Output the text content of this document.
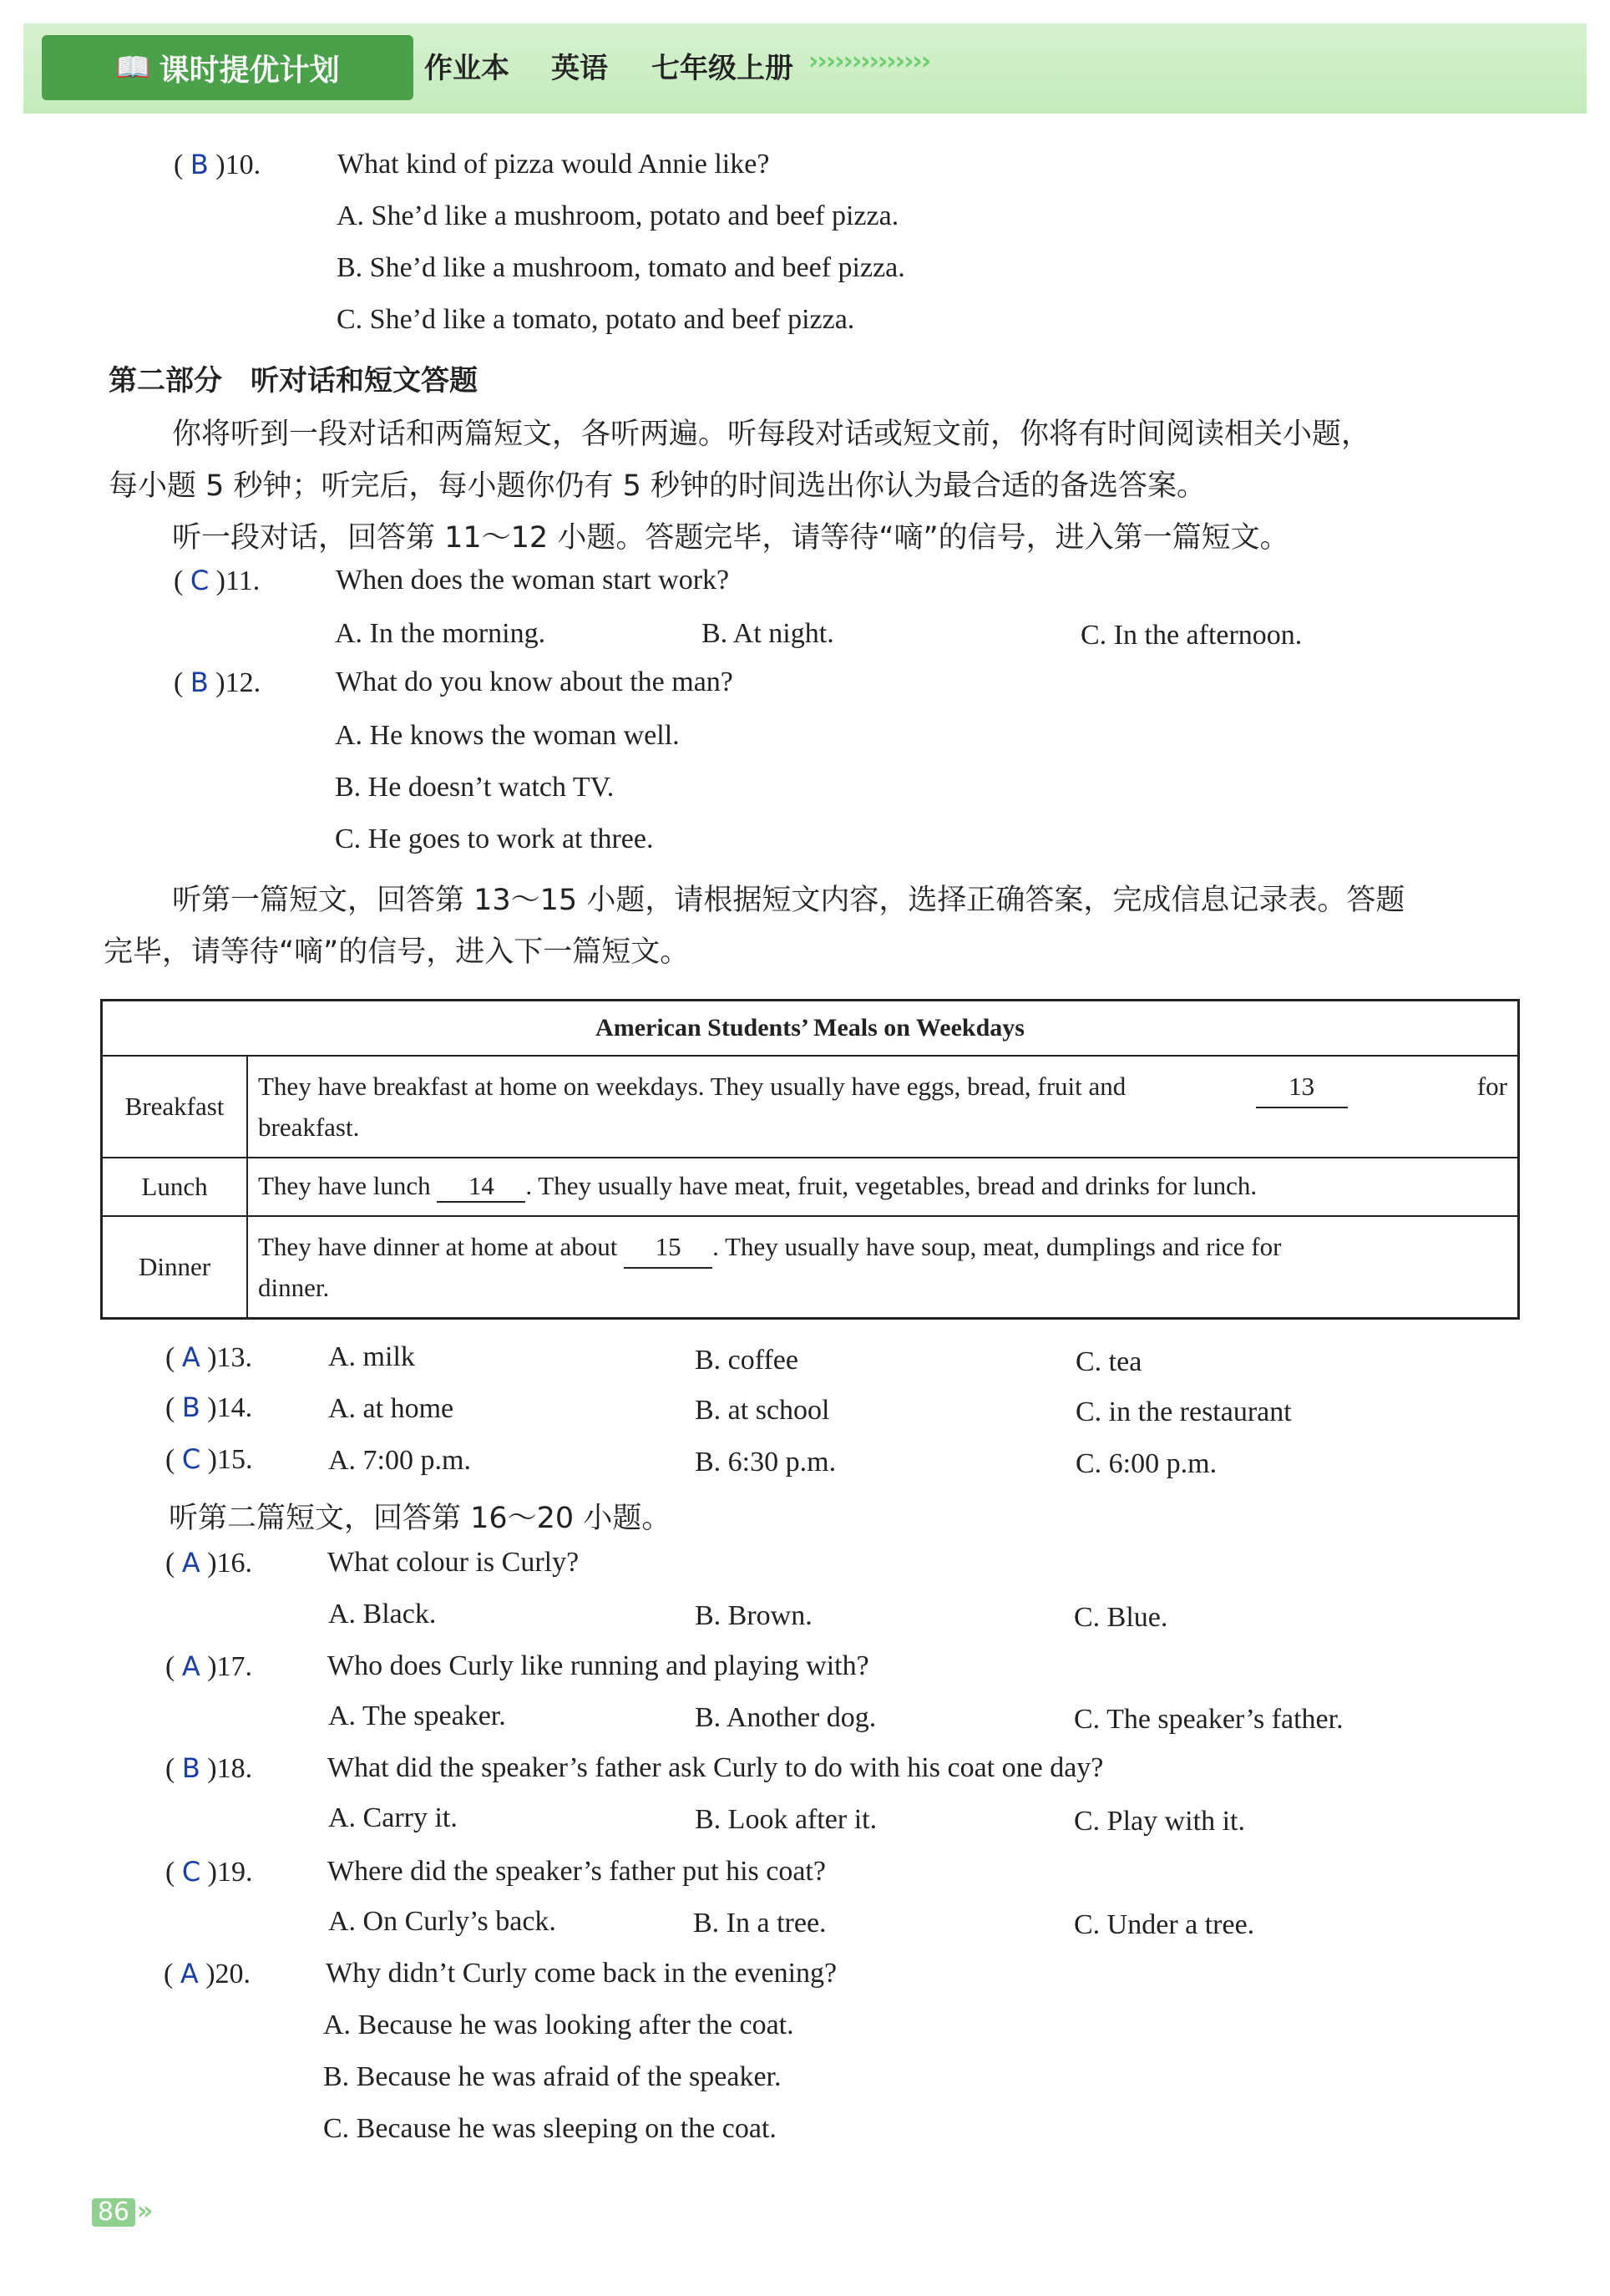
📖 课时提优计划	作业本 英语 七年级上册 ››››››››››››››
( B )10.	What kind of pizza would Annie like?
A. She’d like a mushroom, potato and beef pizza.
B. She’d like a mushroom, tomato and beef pizza.
C. She’d like a tomato, potato and beef pizza.
第二部分　听对话和短文答题
你将听到一段对话和两篇短文，各听两遍。听每段对话或短文前，你将有时间阅读相关小题，
每小题 5 秒钟；听完后，每小题你仍有 5 秒钟的时间选出你认为最合适的备选答案。
听一段对话，回答第 11～12 小题。答题完毕，请等待“嘀”的信号，进入第一篇短文。
( C )11.	When does the woman start work?
A. In the morning.	B. At night.	C. In the afternoon.
( B )12.	What do you know about the man?
A. He knows the woman well.
B. He doesn’t watch TV.
C. He goes to work at three.
听第一篇短文，回答第 13～15 小题，请根据短文内容，选择正确答案，完成信息记录表。答题
完毕，请等待“嘀”的信号，进入下一篇短文。
American Students’ Meals on Weekdays	
Breakfast	They have breakfast at home on weekdays. They usually have eggs, bread, fruit and 13 for
breakfast.

Lunch	They have lunch 14 . They usually have meat, fruit, vegetables, bread and drinks for lunch.
Dinner	They have dinner at home at about 15 . They usually have soup, meat, dumplings and rice for
dinner.
( A )13.	A. milk	B. coffee	C. tea
( B )14.	A. at home	B. at school	C. in the restaurant
( C )15.	A. 7:00 p.m.	B. 6:30 p.m.	C. 6:00 p.m.
听第二篇短文，回答第 16～20 小题。
( A )16.	What colour is Curly?
A. Black.	B. Brown.	C. Blue.
( A )17.	Who does Curly like running and playing with?
A. The speaker.	B. Another dog.	C. The speaker’s father.
( B )18.	What did the speaker’s father ask Curly to do with his coat one day?
A. Carry it.	B. Look after it.	C. Play with it.
( C )19.	Where did the speaker’s father put his coat?
A. On Curly’s back.	B. In a tree.	C. Under a tree.
( A )20.	Why didn’t Curly come back in the evening?
A. Because he was looking after the coat.
B. Because he was afraid of the speaker.
C. Because he was sleeping on the coat.
86 »
